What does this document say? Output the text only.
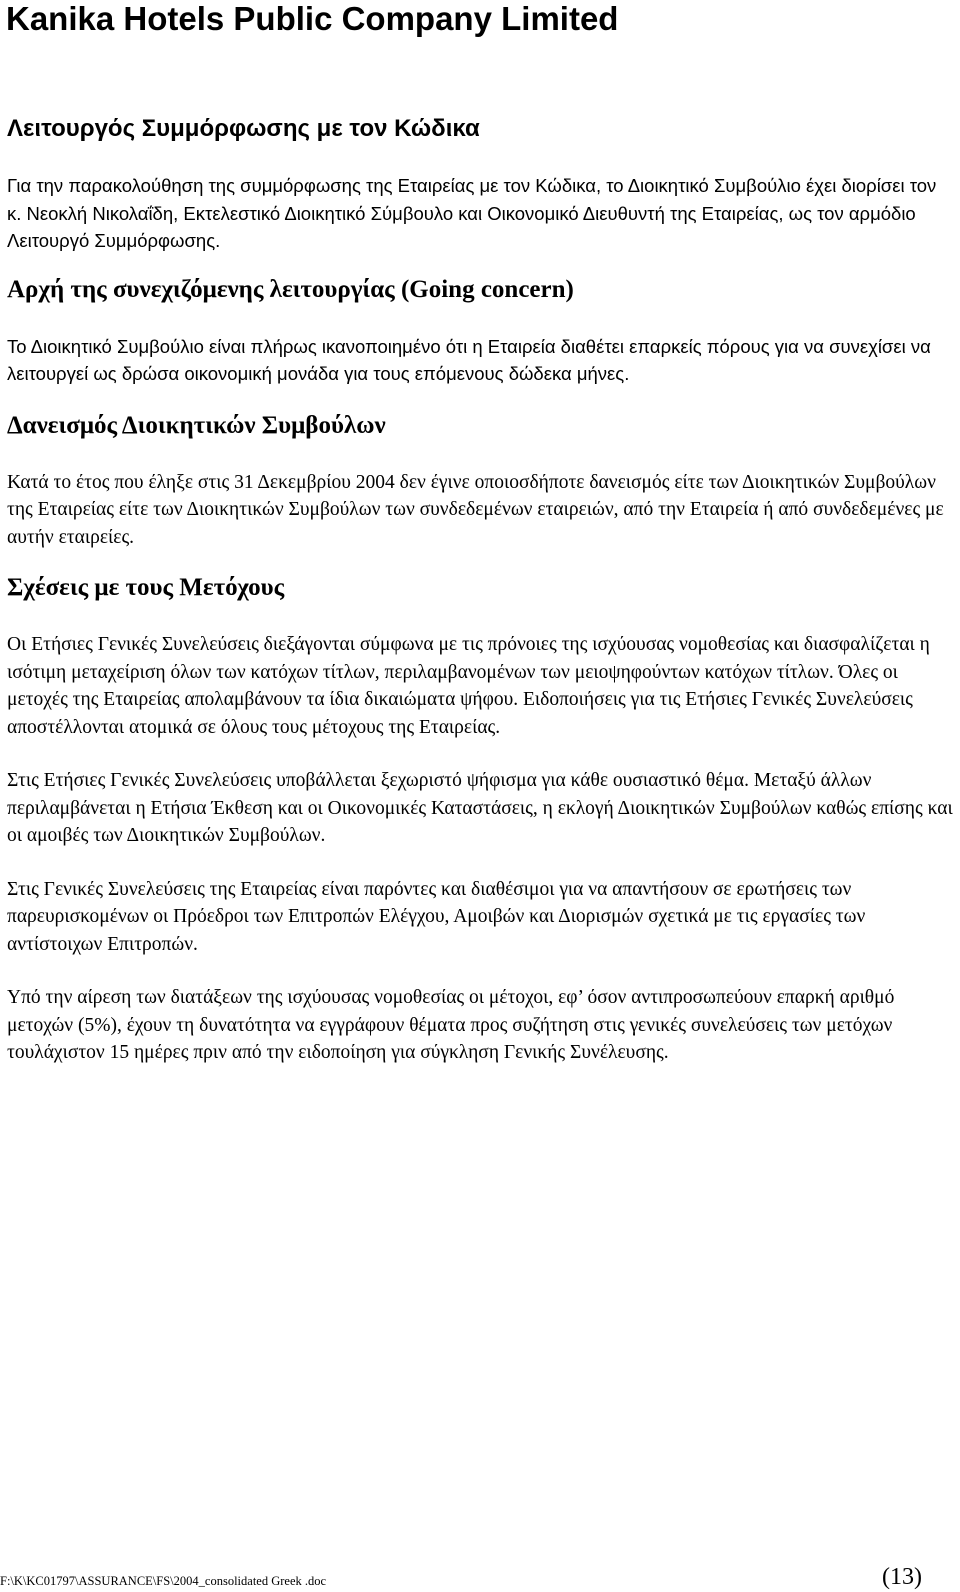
Kanika Hotels Public Company Limited
Λειτουργός Συμμόρφωσης με τον Κώδικα

Για την παρακολούθηση της συμμόρφωσης της Εταιρείας με τον Κώδικα, το Διοικητικό Συμβούλιο έχει διορίσει τον κ. Νεοκλή Νικολαΐδη, Εκτελεστικό Διοικητικό Σύμβουλο και Οικονομικό Διευθυντή της Εταιρείας, ως τον αρμόδιο Λειτουργό Συμμόρφωσης.

Αρχή της συνεχιζόμενης λειτουργίας (Going concern)

Το Διοικητικό Συμβούλιο είναι πλήρως ικανοποιημένο ότι η Εταιρεία διαθέτει επαρκείς πόρους για να συνεχίσει να λειτουργεί ως δρώσα οικονομική μονάδα για τους επόμενους δώδεκα μήνες.

Δανεισμός Διοικητικών Συμβούλων

Κατά το έτος που έληξε στις 31 Δεκεμβρίου 2004 δεν έγινε οποιοσδήποτε δανεισμός είτε των Διοικητικών Συμβούλων της Εταιρείας είτε των Διοικητικών Συμβούλων των συνδεδεμένων εταιρειών, από την Εταιρεία ή από συνδεδεμένες με αυτήν εταιρείες.

Σχέσεις με τους Μετόχους

Οι Ετήσιες Γενικές Συνελεύσεις διεξάγονται σύμφωνα με τις πρόνοιες της ισχύουσας νομοθεσίας και διασφαλίζεται η ισότιμη μεταχείριση όλων των κατόχων τίτλων, περιλαμβανομένων των μειοψηφούντων κατόχων τίτλων. Όλες οι μετοχές της Εταιρείας απολαμβάνουν τα ίδια δικαιώματα ψήφου. Ειδοποιήσεις για τις Ετήσιες Γενικές Συνελεύσεις αποστέλλονται ατομικά σε όλους τους μέτοχους της Εταιρείας.

Στις Ετήσιες Γενικές Συνελεύσεις υποβάλλεται ξεχωριστό ψήφισμα για κάθε ουσιαστικό θέμα. Μεταξύ άλλων περιλαμβάνεται η Ετήσια Έκθεση και οι Οικονομικές Καταστάσεις, η εκλογή Διοικητικών Συμβούλων καθώς επίσης και οι αμοιβές των Διοικητικών Συμβούλων.

Στις Γενικές Συνελεύσεις της Εταιρείας είναι παρόντες και διαθέσιμοι για να απαντήσουν σε ερωτήσεις των παρευρισκομένων οι Πρόεδροι των Επιτροπών Ελέγχου, Αμοιβών και Διορισμών σχετικά με τις εργασίες των αντίστοιχων Επιτροπών.

Υπό την αίρεση των διατάξεων της ισχύουσας νομοθεσίας οι μέτοχοι, εφ’ όσον αντιπροσωπεύουν επαρκή αριθμό μετοχών (5%), έχουν τη δυνατότητα να εγγράφουν θέματα προς συζήτηση στις γενικές συνελεύσεις των μετόχων τουλάχιστον 15 ημέρες πριν από την ειδοποίηση για σύγκληση Γενικής Συνέλευσης.

F:\K\KC01797\ASSURANCE\FS\2004_consolidated Greek .doc	(13)
